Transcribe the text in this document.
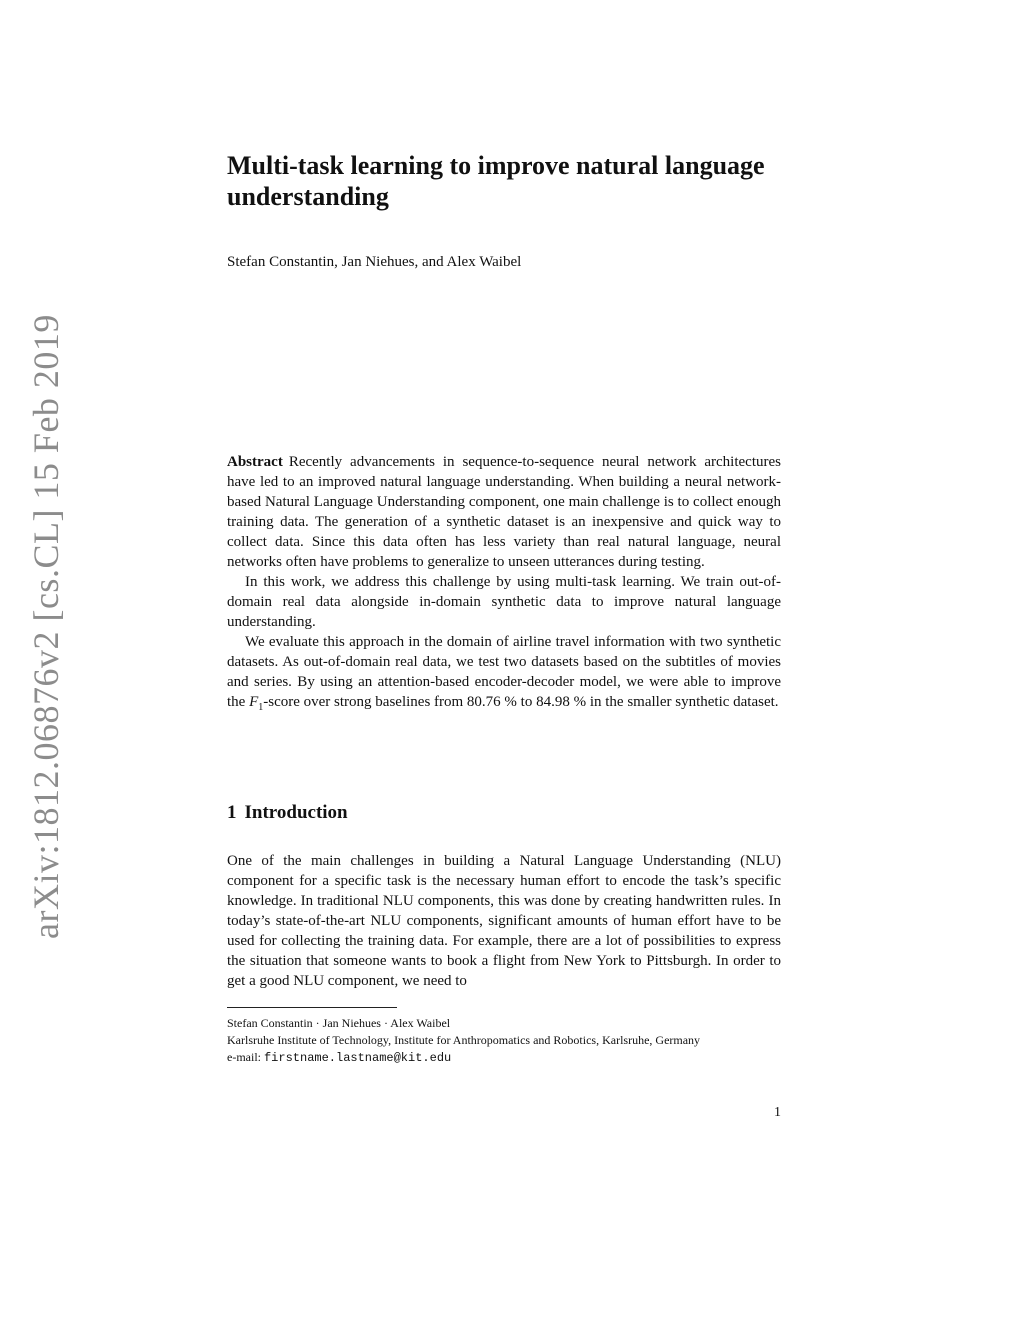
arXiv:1812.06876v2 [cs.CL] 15 Feb 2019
Multi-task learning to improve natural language understanding

Stefan Constantin, Jan Niehues, and Alex Waibel

Abstract Recently advancements in sequence-to-sequence neural network architectures have led to an improved natural language understanding. When building a neural network-based Natural Language Understanding component, one main challenge is to collect enough training data. The generation of a synthetic dataset is an inexpensive and quick way to collect data. Since this data often has less variety than real natural language, neural networks often have problems to generalize to unseen utterances during testing.

In this work, we address this challenge by using multi-task learning. We train out-of-domain real data alongside in-domain synthetic data to improve natural language understanding.

We evaluate this approach in the domain of airline travel information with two synthetic datasets. As out-of-domain real data, we test two datasets based on the subtitles of movies and series. By using an attention-based encoder-decoder model, we were able to improve the $F_1$-score over strong baselines from 80.76 % to 84.98 % in the smaller synthetic dataset.

1 Introduction

One of the main challenges in building a Natural Language Understanding (NLU) component for a specific task is the necessary human effort to encode the task’s specific knowledge. In traditional NLU components, this was done by creating handwritten rules. In today’s state-of-the-art NLU components, significant amounts of human effort have to be used for collecting the training data. For example, there are a lot of possibilities to express the situation that someone wants to book a flight from New York to Pittsburgh. In order to get a good NLU component, we need to

Stefan Constantin · Jan Niehues · Alex Waibel
Karlsruhe Institute of Technology, Institute for Anthropomatics and Robotics, Karlsruhe, Germany
e-mail: firstname.lastname@kit.edu
1
